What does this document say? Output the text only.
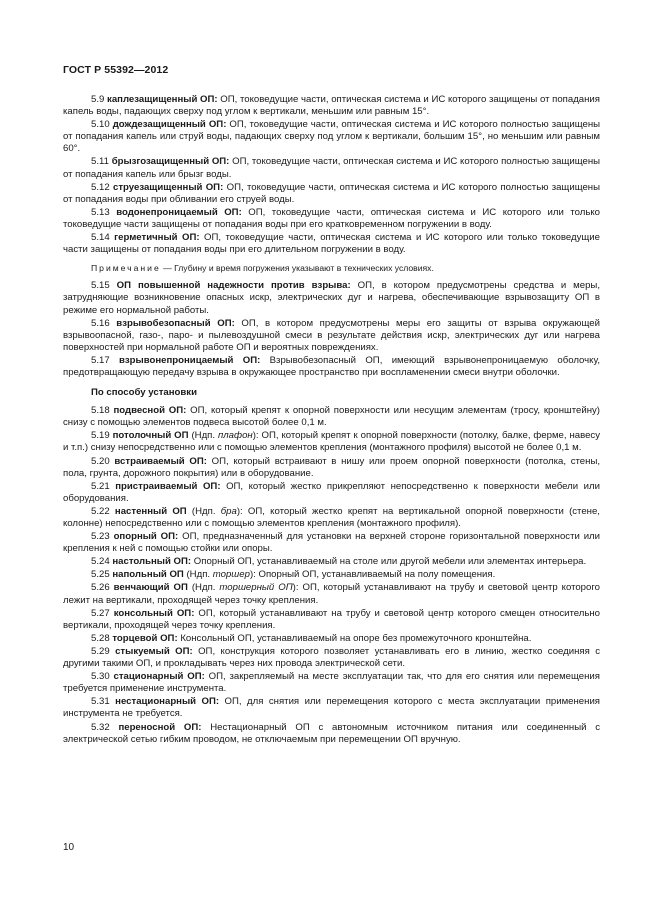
ГОСТ Р 55392—2012
5.9 каплезащищенный ОП: ОП, токоведущие части, оптическая система и ИС которого защищены от попадания капель воды, падающих сверху под углом к вертикали, меньшим или равным 15°.
5.10 дождезащищенный ОП: ОП, токоведущие части, оптическая система и ИС которого полностью защищены от попадания капель или струй воды, падающих сверху под углом к вертикали, большим 15°, но меньшим или равным 60°.
5.11 брызгозащищенный ОП: ОП, токоведущие части, оптическая система и ИС которого полностью защищены от попадания капель или брызг воды.
5.12 струезащищенный ОП: ОП, токоведущие части, оптическая система и ИС которого полностью защищены от попадания воды при обливании его струей воды.
5.13 водонепроницаемый ОП: ОП, токоведущие части, оптическая система и ИС которого или только токоведущие части защищены от попадания воды при его кратковременном погружении в воду.
5.14 герметичный ОП: ОП, токоведущие части, оптическая система и ИС которого или только токоведущие части защищены от попадания воды при его длительном погружении в воду.
Примечание — Глубину и время погружения указывают в технических условиях.
5.15 ОП повышенной надежности против взрыва: ОП, в котором предусмотрены средства и меры, затрудняющие возникновение опасных искр, электрических дуг и нагрева, обеспечивающие взрывозащиту ОП в режиме его нормальной работы.
5.16 взрывобезопасный ОП: ОП, в котором предусмотрены меры его защиты от взрыва окружающей взрывоопасной, газо-, паро- и пылевоздушной смеси в результате действия искр, электрических дуг или нагрева поверхностей при нормальной работе ОП и вероятных повреждениях.
5.17 взрывонепроницаемый ОП: Взрывобезопасный ОП, имеющий взрывонепроницаемую оболочку, предотвращающую передачу взрыва в окружающее пространство при воспламенении смеси внутри оболочки.
По способу установки
5.18 подвесной ОП: ОП, который крепят к опорной поверхности или несущим элементам (тросу, кронштейну) снизу с помощью элементов подвеса высотой более 0,1 м.
5.19 потолочный ОП (Ндп. плафон): ОП, который крепят к опорной поверхности (потолку, балке, ферме, навесу и т.п.) снизу непосредственно или с помощью элементов крепления (монтажного профиля) высотой не более 0,1 м.
5.20 встраиваемый ОП: ОП, который встраивают в нишу или проем опорной поверхности (потолка, стены, пола, грунта, дорожного покрытия) или в оборудование.
5.21 пристраиваемый ОП: ОП, который жестко прикрепляют непосредственно к поверхности мебели или оборудования.
5.22 настенный ОП (Ндп. бра): ОП, который жестко крепят на вертикальной опорной поверхности (стене, колонне) непосредственно или с помощью элементов крепления (монтажного профиля).
5.23 опорный ОП: ОП, предназначенный для установки на верхней стороне горизонтальной поверхности или крепления к ней с помощью стойки или опоры.
5.24 настольный ОП: Опорный ОП, устанавливаемый на столе или другой мебели или элементах интерьера.
5.25 напольный ОП (Ндп. торшер): Опорный ОП, устанавливаемый на полу помещения.
5.26 венчающий ОП (Ндп. торшерный ОП): ОП, который устанавливают на трубу и световой центр которого лежит на вертикали, проходящей через точку крепления.
5.27 консольный ОП: ОП, который устанавливают на трубу и световой центр которого смещен относительно вертикали, проходящей через точку крепления.
5.28 торцевой ОП: Консольный ОП, устанавливаемый на опоре без промежуточного кронштейна.
5.29 стыкуемый ОП: ОП, конструкция которого позволяет устанавливать его в линию, жестко соединяя с другими такими ОП, и прокладывать через них провода электрической сети.
5.30 стационарный ОП: ОП, закрепляемый на месте эксплуатации так, что для его снятия или перемещения требуется применение инструмента.
5.31 нестационарный ОП: ОП, для снятия или перемещения которого с места эксплуатации применения инструмента не требуется.
5.32 переносной ОП: Нестационарный ОП с автономным источником питания или соединенный с электрической сетью гибким проводом, не отключаемым при перемещении ОП вручную.
10
